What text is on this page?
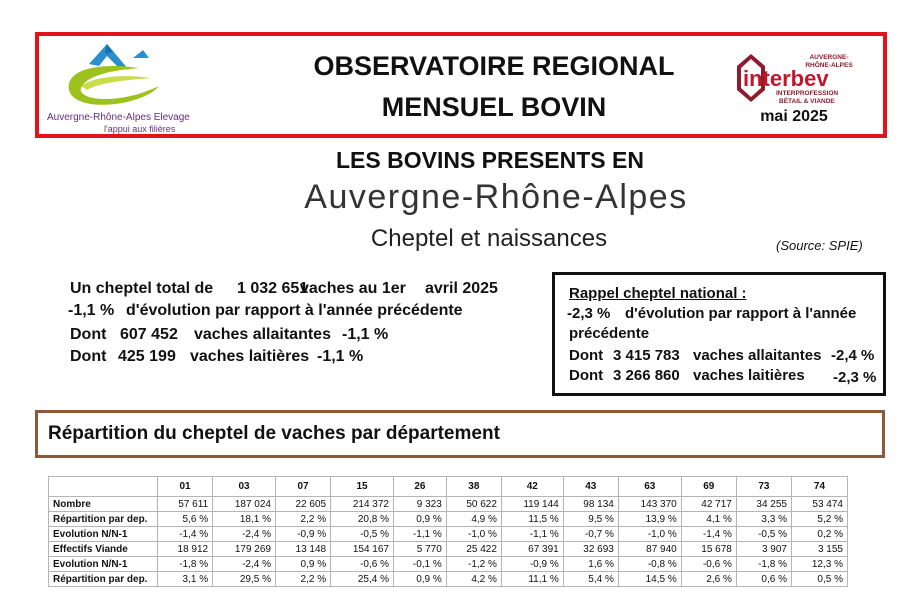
Auvergne-Rhône-Alpes Elevage
l'appui aux filières
OBSERVATOIRE REGIONAL
MENSUEL BOVIN
AUVERGNE-
RHÔNE-ALPES
interbev
INTERPROFESSION
BÉTAIL & VIANDE
mai 2025
LES BOVINS PRESENTS EN
Auvergne-Rhône-Alpes
Cheptel et naissances	(Source: SPIE)
Un cheptel total de 1 032 651
vaches au 1er avril 2025
-1,1 % d'évolution par rapport à l'année précédente
Dont 607 452 vaches allaitantes -1,1 %
Dont 425 199 vaches laitières -1,1 %
Rappel cheptel national :
-2,3 % d'évolution par rapport à l'année
précédente
Dont 3 415 783 vaches allaitantes -2,4 %
Dont 3 266 860 vaches laitières -2,3 %
Répartition du cheptel de vaches par département
	01	03	07	15	26	38	42	43	63	69	73	74
Nombre	57 611	187 024	22 605	214 372	9 323	50 622	119 144	98 134	143 370	42 717	34 255	53 474
Répartition par dep.	5,6 %	18,1 %	2,2 %	20,8 %	0,9 %	4,9 %	11,5 %	9,5 %	13,9 %	4,1 %	3,3 %	5,2 %
Evolution N/N-1	-1,4 %	-2,4 %	-0,9 %	-0,5 %	-1,1 %	-1,0 %	-1,1 %	-0,7 %	-1,0 %	-1,4 %	-0,5 %	0,2 %
Effectifs Viande	18 912	179 269	13 148	154 167	5 770	25 422	67 391	32 693	87 940	15 678	3 907	3 155
Evolution N/N-1	-1,8 %	-2,4 %	0,9 %	-0,6 %	-0,1 %	-1,2 %	-0,9 %	1,6 %	-0,8 %	-0,6 %	-1,8 %	12,3 %
Répartition par dep.	3,1 %	29,5 %	2,2 %	25,4 %	0,9 %	4,2 %	11,1 %	5,4 %	14,5 %	2,6 %	0,6 %	0,5 %
